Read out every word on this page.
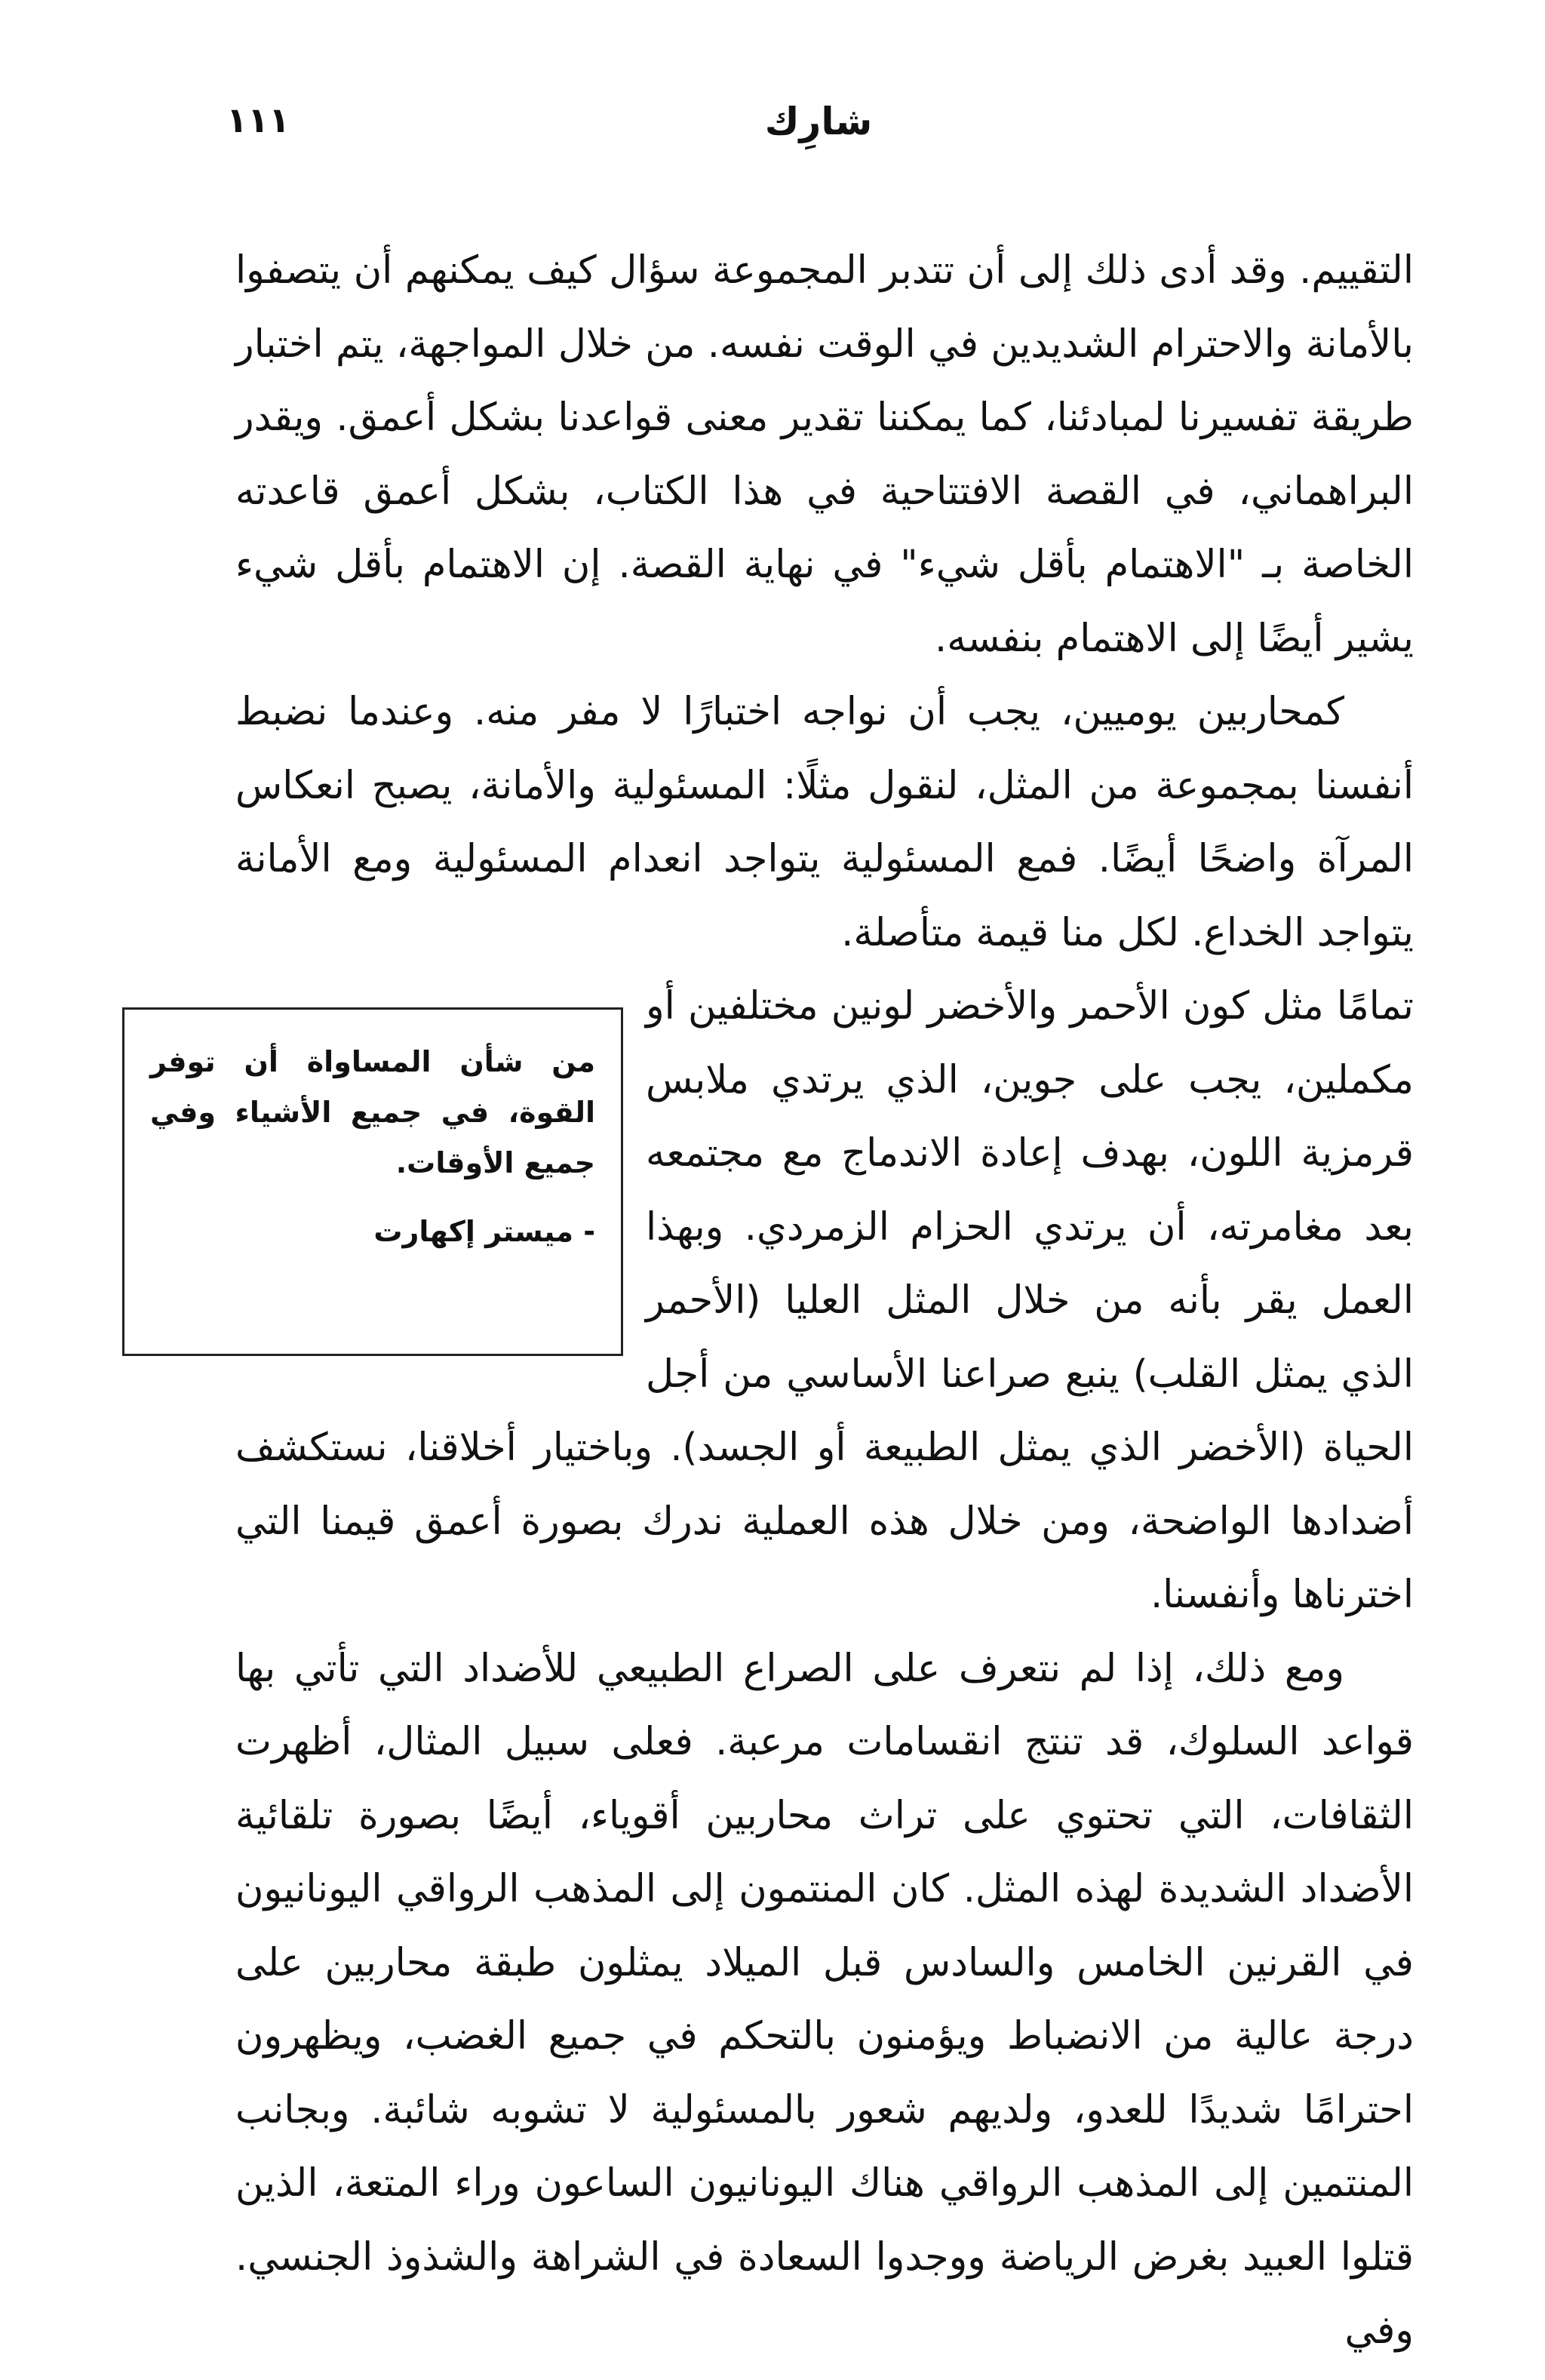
١١١	شارِك

التقييم. وقد أدى ذلك إلى أن تتدبر المجموعة سؤال كيف يمكنهم أن يتصفوا بالأمانة والاحترام الشديدين في الوقت نفسه. من خلال المواجهة، يتم اختبار طريقة تفسيرنا لمبادئنا، كما يمكننا تقدير معنى قواعدنا بشكل أعمق. ويقدر البراهماني، في القصة الافتتاحية في هذا الكتاب، بشكل أعمق قاعدته الخاصة بـ "الاهتمام بأقل شيء" في نهاية القصة. إن الاهتمام بأقل شيء يشير أيضًا إلى الاهتمام بنفسه.

كمحاربين يوميين، يجب أن نواجه اختبارًا لا مفر منه. وعندما نضبط أنفسنا بمجموعة من المثل، لنقول مثلًا: المسئولية والأمانة، يصبح انعكاس المرآة واضحًا أيضًا. فمع المسئولية يتواجد انعدام المسئولية ومع الأمانة يتواجد الخداع. لكل منا قيمة متأصلة.

من شأن المساواة أن توفر القوة، في جميع الأشياء وفي جميع الأوقات.
- ميستر إكهارت

تمامًا مثل كون الأحمر والأخضر لونين مختلفين أو مكملين، يجب على جوين، الذي يرتدي ملابس قرمزية اللون، بهدف إعادة الاندماج مع مجتمعه بعد مغامرته، أن يرتدي الحزام الزمردي. وبهذا العمل يقر بأنه من خلال المثل العليا (الأحمر الذي يمثل القلب) ينبع صراعنا الأساسي من أجل الحياة (الأخضر الذي يمثل الطبيعة أو الجسد). وباختيار أخلاقنا، نستكشف أضدادها الواضحة، ومن خلال هذه العملية ندرك بصورة أعمق قيمنا التي اخترناها وأنفسنا.

ومع ذلك، إذا لم نتعرف على الصراع الطبيعي للأضداد التي تأتي بها قواعد السلوك، قد تنتج انقسامات مرعبة. فعلى سبيل المثال، أظهرت الثقافات، التي تحتوي على تراث محاربين أقوياء، أيضًا بصورة تلقائية الأضداد الشديدة لهذه المثل. كان المنتمون إلى المذهب الرواقي اليونانيون في القرنين الخامس والسادس قبل الميلاد يمثلون طبقة محاربين على درجة عالية من الانضباط ويؤمنون بالتحكم في جميع الغضب، ويظهرون احترامًا شديدًا للعدو، ولديهم شعور بالمسئولية لا تشوبه شائبة. وبجانب المنتمين إلى المذهب الرواقي هناك اليونانيون الساعون وراء المتعة، الذين قتلوا العبيد بغرض الرياضة ووجدوا السعادة في الشراهة والشذوذ الجنسي. وفي
